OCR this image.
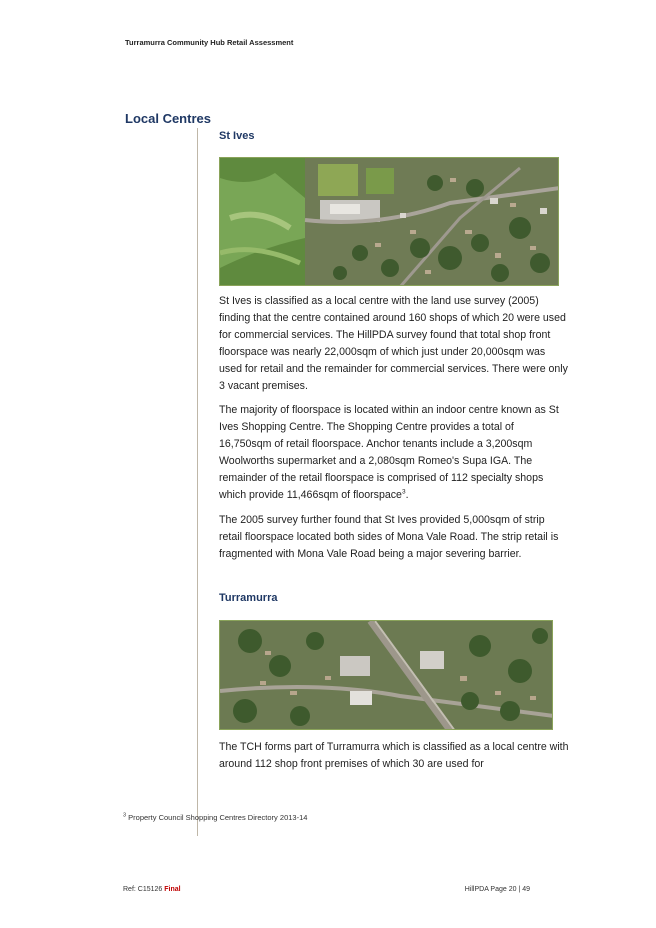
Turramurra Community Hub Retail Assessment
Local Centres
St Ives
St Ives is classified as a local centre with the land use survey (2005) finding that the centre contained around 160 shops of which 20 were used for commercial services. The HillPDA survey found that total shop front floorspace was nearly 22,000sqm of which just under 20,000sqm was used for retail and the remainder for commercial services. There were only 3 vacant premises.
The majority of floorspace is located within an indoor centre known as St Ives Shopping Centre. The Shopping Centre provides a total of 16,750sqm of retail floorspace. Anchor tenants include a 3,200sqm Woolworths supermarket and a 2,080sqm Romeo's Supa IGA. The remainder of the retail floorspace is comprised of 112 specialty shops which provide 11,466sqm of floorspace$^3$.
The 2005 survey further found that St Ives provided 5,000sqm of strip retail floorspace located both sides of Mona Vale Road. The strip retail is fragmented with Mona Vale Road being a major severing barrier.
Turramurra
The TCH forms part of Turramurra which is classified as a local centre with around 112 shop front premises of which 30 are used for
$^3$ Property Council Shopping Centres Directory 2013-14
Ref: C15126 Final	HillPDA Page 20 | 49
